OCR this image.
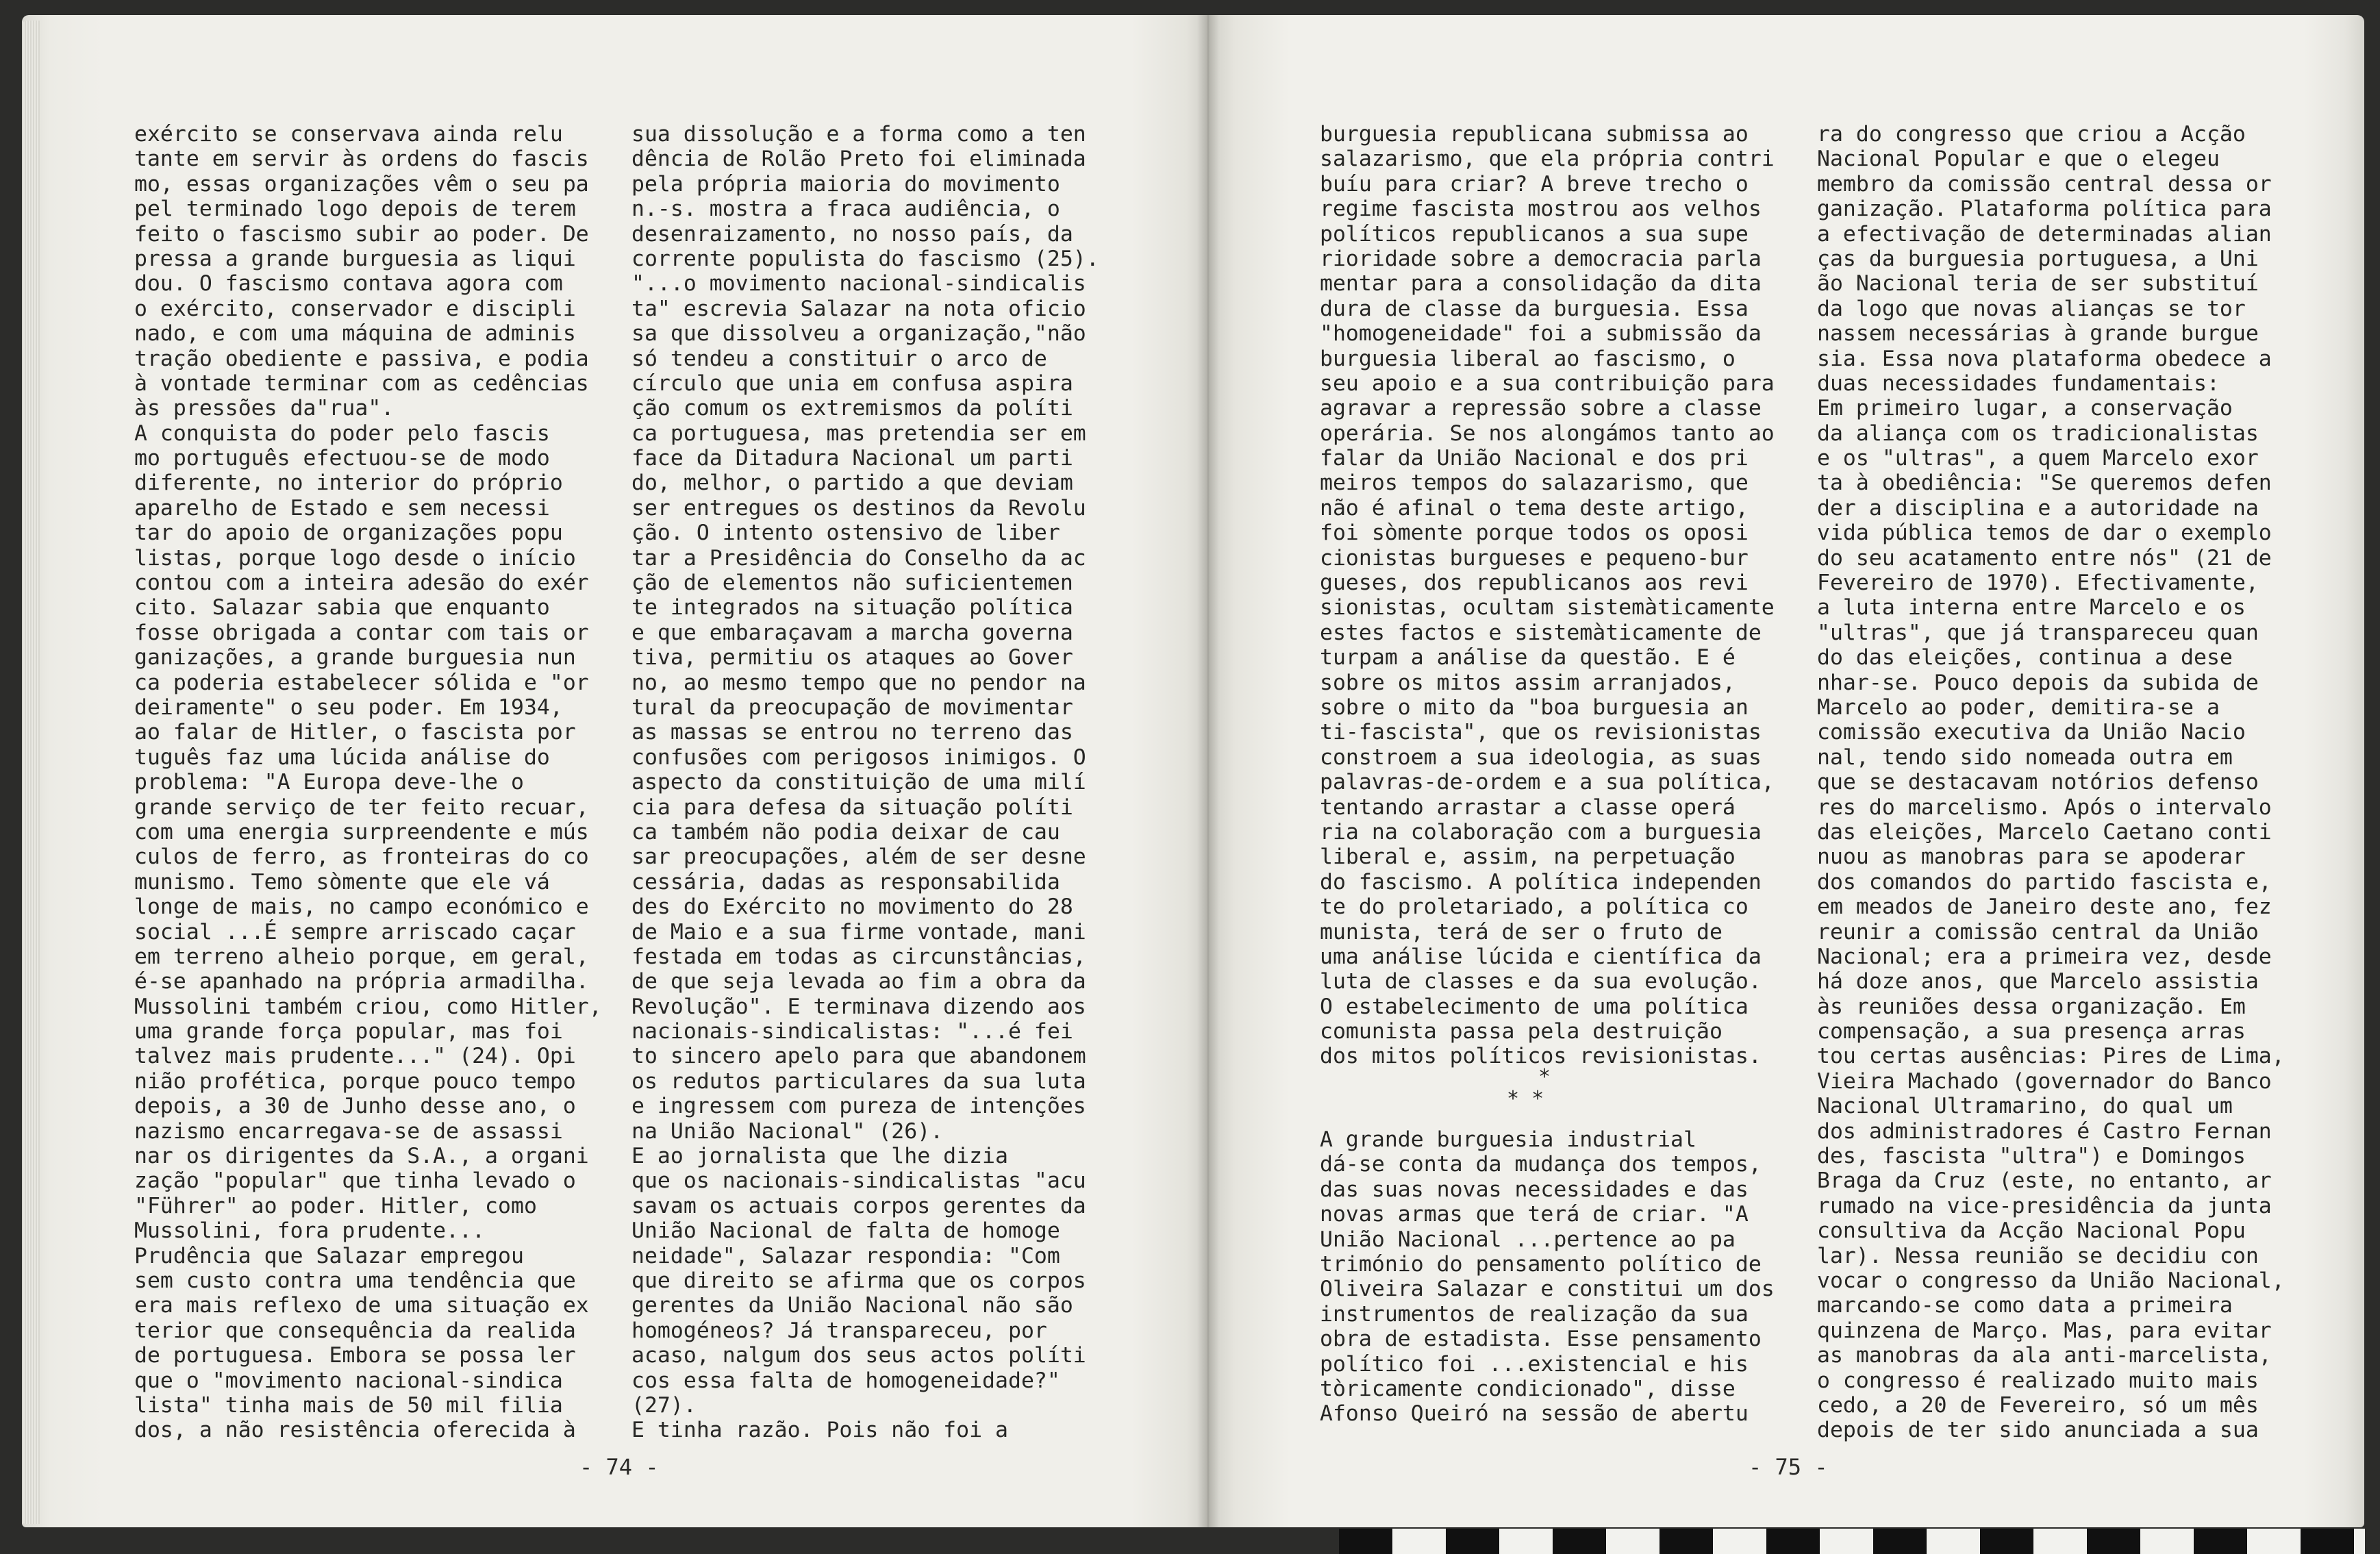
exército se conservava ainda relu
tante em servir às ordens do fascis
mo, essas organizações vêm o seu pa
pel terminado logo depois de terem
feito o fascismo subir ao poder. De
pressa a grande burguesia as liqui
dou. O fascismo contava agora com
o exército, conservador e discipli
nado, e com uma máquina de adminis
tração obediente e passiva, e podia
à vontade terminar com as cedências
às pressões da"rua".
A conquista do poder pelo fascis
mo português efectuou-se de modo
diferente, no interior do próprio
aparelho de Estado e sem necessi
tar do apoio de organizações popu
listas, porque logo desde o início
contou com a inteira adesão do exér
cito. Salazar sabia que enquanto
fosse obrigada a contar com tais or
ganizações, a grande burguesia nun
ca poderia estabelecer sólida e "or
deiramente" o seu poder. Em 1934,
ao falar de Hitler, o fascista por
tuguês faz uma lúcida análise do
problema: "A Europa deve-lhe o
grande serviço de ter feito recuar,
com uma energia surpreendente e mús
culos de ferro, as fronteiras do co
munismo. Temo sòmente que ele vá
longe de mais, no campo económico e
social ...É sempre arriscado caçar
em terreno alheio porque, em geral,
é-se apanhado na própria armadilha.
Mussolini também criou, como Hitler,
uma grande força popular, mas foi
talvez mais prudente..." (24). Opi
nião profética, porque pouco tempo
depois, a 30 de Junho desse ano, o
nazismo encarregava-se de assassi
nar os dirigentes da S.A., a organi
zação "popular" que tinha levado o
"Führer" ao poder. Hitler, como
Mussolini, fora prudente...
Prudência que Salazar empregou
sem custo contra uma tendência que
era mais reflexo de uma situação ex
terior que consequência da realida
de portuguesa. Embora se possa ler
que o "movimento nacional-sindica
lista" tinha mais de 50 mil filia
dos, a não resistência oferecida à
sua dissolução e a forma como a ten
dência de Rolão Preto foi eliminada
pela própria maioria do movimento
n.-s. mostra a fraca audiência, o
desenraizamento, no nosso país, da
corrente populista do fascismo (25).
"...o movimento nacional-sindicalis
ta" escrevia Salazar na nota oficio
sa que dissolveu a organização,"não
só tendeu a constituir o arco de
círculo que unia em confusa aspira
ção comum os extremismos da políti
ca portuguesa, mas pretendia ser em
face da Ditadura Nacional um parti
do, melhor, o partido a que deviam
ser entregues os destinos da Revolu
ção. O intento ostensivo de liber
tar a Presidência do Conselho da ac
ção de elementos não suficientemen
te integrados na situação política
e que embaraçavam a marcha governa
tiva, permitiu os ataques ao Gover
no, ao mesmo tempo que no pendor na
tural da preocupação de movimentar
as massas se entrou no terreno das
confusões com perigosos inimigos. O
aspecto da constituição de uma milí
cia para defesa da situação políti
ca também não podia deixar de cau
sar preocupações, além de ser desne
cessária, dadas as responsabilida
des do Exército no movimento do 28
de Maio e a sua firme vontade, mani
festada em todas as circunstâncias,
de que seja levada ao fim a obra da
Revolução". E terminava dizendo aos
nacionais-sindicalistas: "...é fei
to sincero apelo para que abandonem
os redutos particulares da sua luta
e ingressem com pureza de intenções
na União Nacional" (26).
E ao jornalista que lhe dizia
que os nacionais-sindicalistas "acu
savam os actuais corpos gerentes da
União Nacional de falta de homoge
neidade", Salazar respondia: "Com
que direito se afirma que os corpos
gerentes da União Nacional não são
homogéneos? Já transpareceu, por
acaso, nalgum dos seus actos políti
cos essa falta de homogeneidade?"
(27).
E tinha razão. Pois não foi a
- 74 -
burguesia republicana submissa ao
salazarismo, que ela própria contri
buíu para criar? A breve trecho o
regime fascista mostrou aos velhos
políticos republicanos a sua supe
rioridade sobre a democracia parla
mentar para a consolidação da dita
dura de classe da burguesia. Essa
"homogeneidade" foi a submissão da
burguesia liberal ao fascismo, o
seu apoio e a sua contribuição para
agravar a repressão sobre a classe
operária. Se nos alongámos tanto ao
falar da União Nacional e dos pri
meiros tempos do salazarismo, que
não é afinal o tema deste artigo,
foi sòmente porque todos os oposi
cionistas burgueses e pequeno-bur
gueses, dos republicanos aos revi
sionistas, ocultam sistemàticamente
estes factos e sistemàticamente de
turpam a análise da questão. E é
sobre os mitos assim arranjados,
sobre o mito da "boa burguesia an
ti-fascista", que os revisionistas
constroem a sua ideologia, as suas
palavras-de-ordem e a sua política,
tentando arrastar a classe operá
ria na colaboração com a burguesia
liberal e, assim, na perpetuação
do fascismo. A política independen
te do proletariado, a política co
munista, terá de ser o fruto de
uma análise lúcida e científica da
luta de classes e da sua evolução.
O estabelecimento de uma política
comunista passa pela destruição
dos mitos políticos revisionistas.
*
* *
A grande burguesia industrial
dá-se conta da mudança dos tempos,
das suas novas necessidades e das
novas armas que terá de criar. "A
União Nacional ...pertence ao pa
trimónio do pensamento político de
Oliveira Salazar e constitui um dos
instrumentos de realização da sua
obra de estadista. Esse pensamento
político foi ...existencial e his
tòricamente condicionado", disse
Afonso Queiró na sessão de abertu
ra do congresso que criou a Acção
Nacional Popular e que o elegeu
membro da comissão central dessa or
ganização. Plataforma política para
a efectivação de determinadas alian
ças da burguesia portuguesa, a Uni
ão Nacional teria de ser substituí
da logo que novas alianças se tor
nassem necessárias à grande burgue
sia. Essa nova plataforma obedece a
duas necessidades fundamentais:
Em primeiro lugar, a conservação
da aliança com os tradicionalistas
e os "ultras", a quem Marcelo exor
ta à obediência: "Se queremos defen
der a disciplina e a autoridade na
vida pública temos de dar o exemplo
do seu acatamento entre nós" (21 de
Fevereiro de 1970). Efectivamente,
a luta interna entre Marcelo e os
"ultras", que já transpareceu quan
do das eleições, continua a dese
nhar-se. Pouco depois da subida de
Marcelo ao poder, demitira-se a
comissão executiva da União Nacio
nal, tendo sido nomeada outra em
que se destacavam notórios defenso
res do marcelismo. Após o intervalo
das eleições, Marcelo Caetano conti
nuou as manobras para se apoderar
dos comandos do partido fascista e,
em meados de Janeiro deste ano, fez
reunir a comissão central da União
Nacional; era a primeira vez, desde
há doze anos, que Marcelo assistia
às reuniões dessa organização. Em
compensação, a sua presença arras
tou certas ausências: Pires de Lima,
Vieira Machado (governador do Banco
Nacional Ultramarino, do qual um
dos administradores é Castro Fernan
des, fascista "ultra") e Domingos
Braga da Cruz (este, no entanto, ar
rumado na vice-presidência da junta
consultiva da Acção Nacional Popu
lar). Nessa reunião se decidiu con
vocar o congresso da União Nacional,
marcando-se como data a primeira
quinzena de Março. Mas, para evitar
as manobras da ala anti-marcelista,
o congresso é realizado muito mais
cedo, a 20 de Fevereiro, só um mês
depois de ter sido anunciada a sua
- 75 -
